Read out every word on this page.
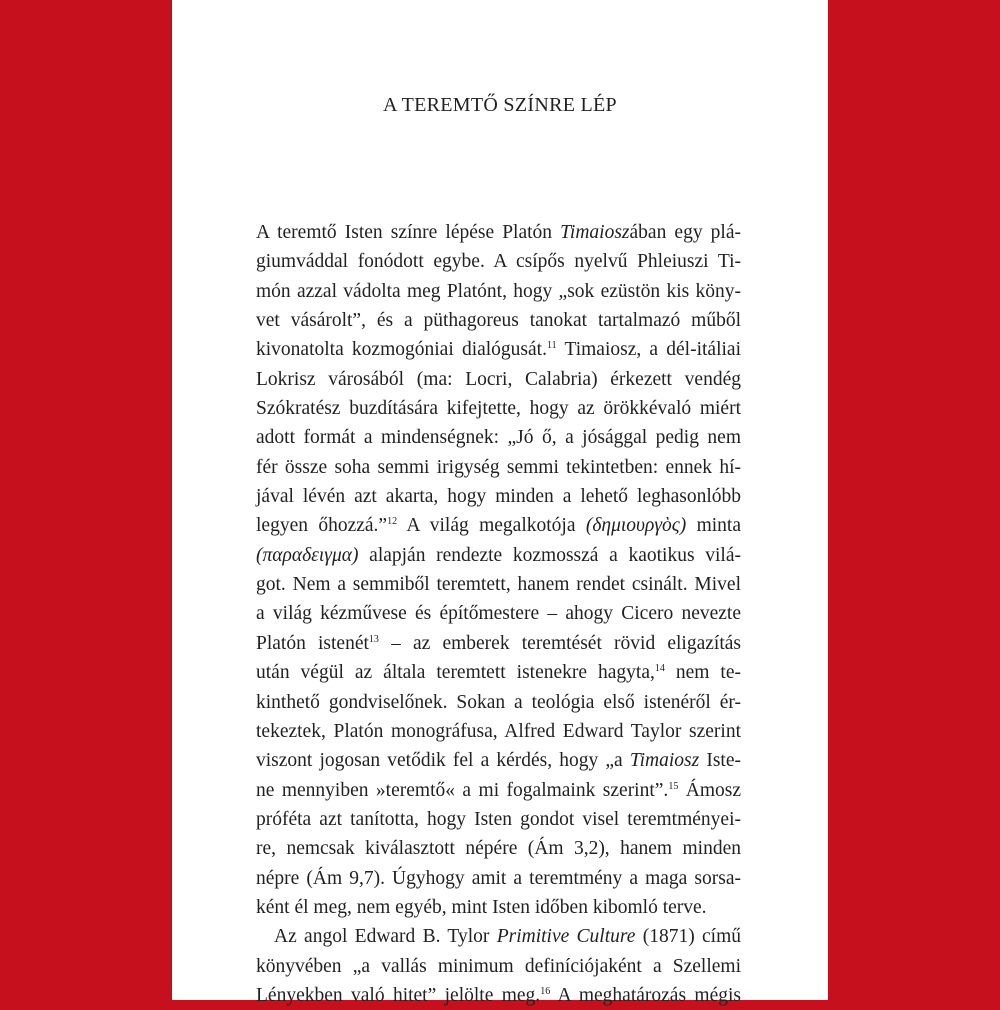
A TEREMTŐ SZÍNRE LÉP
A teremtő Isten színre lépése Platón Timaioszában egy plá-
giumváddal fonódott egybe. A csípős nyelvű Phleiuszi Ti-
món azzal vádolta meg Platónt, hogy „sok ezüstön kis köny-
vet vásárolt”, és a püthagoreus tanokat tartalmazó műből
kivonatolta kozmogóniai dialógusát.$^{11}$ Timaiosz, a dél-itáliai
Lokrisz városából (ma: Locri, Calabria) érkezett vendég
Szókratész buzdítására kifejtette, hogy az örökkévaló miért
adott formát a mindenségnek: „Jó ő, a jósággal pedig nem
fér össze soha semmi irigység semmi tekintetben: ennek hí-
jával lévén azt akarta, hogy minden a lehető leghasonlóbb
legyen őhozzá.”$^{12}$ A világ megalkotója (δημιουργὸς) minta
(παραδειγμα) alapján rendezte kozmosszá a kaotikus vilá-
got. Nem a semmiből teremtett, hanem rendet csinált. Mivel
a világ kézművese és építőmestere – ahogy Cicero nevezte
Platón istenét$^{13}$ – az emberek teremtését rövid eligazítás
után végül az általa teremtett istenekre hagyta,$^{14}$ nem te-
kinthető gondviselőnek. Sokan a teológia első istenéről ér-
tekeztek, Platón monográfusa, Alfred Edward Taylor szerint
viszont jogosan vetődik fel a kérdés, hogy „a Timaiosz Iste-
ne mennyiben »teremtő« a mi fogalmaink szerint”.$^{15}$ Ámosz
próféta azt tanította, hogy Isten gondot visel teremtményei-
re, nemcsak kiválasztott népére (Ám 3,2), hanem minden
népre (Ám 9,7). Úgyhogy amit a teremtmény a maga sorsa-
ként él meg, nem egyéb, mint Isten időben kibomló terve.
Az angol Edward B. Tylor Primitive Culture (1871) című
könyvében „a vallás minimum definíciójaként a Szellemi
Lényekben való hitet” jelölte meg.$^{16}$ A meghatározás mégis
